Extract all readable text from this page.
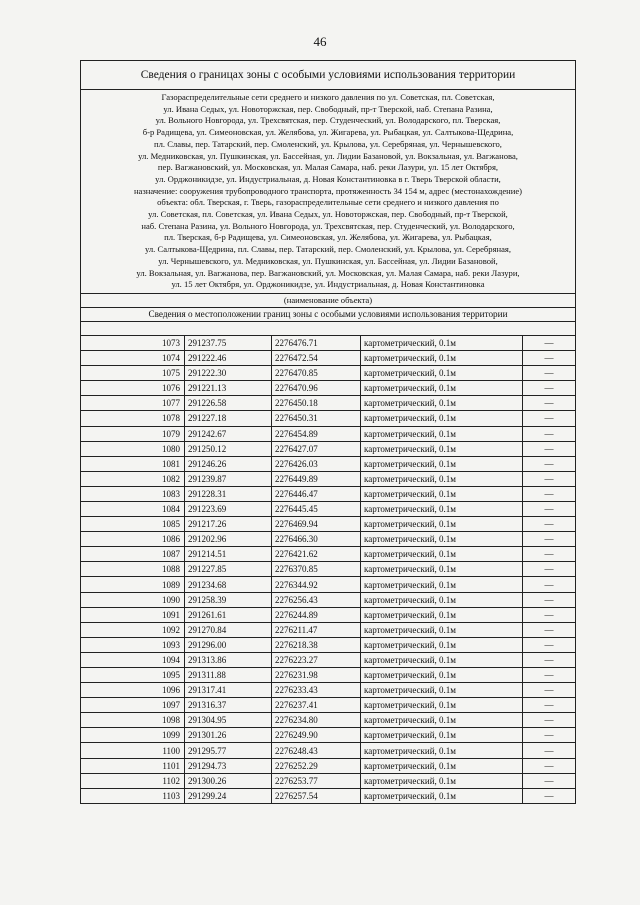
46
Сведения о границах зоны с особыми условиями использования территории
Газораспределительные сети среднего и низкого давления по ул. Советская, пл. Советская,
ул. Ивана Седых, ул. Новоторжская, пер. Свободный, пр-т Тверской, наб. Степана Разина,
ул. Вольного Новгорода, ул. Трехсвятская, пер. Студенческий, ул. Володарского, пл. Тверская,
б-р Радищева, ул. Симеоновская, ул. Желябова, ул. Жигарева, ул. Рыбацкая, ул. Салтыкова-Щедрина,
пл. Славы, пер. Татарский, пер. Смоленский, ул. Крылова, ул. Серебряная, ул. Чернышевского,
ул. Медниковская, ул. Пушкинская, ул. Бассейная, ул. Лидии Базановой, ул. Вокзальная, ул. Вагжанова,
пер. Вагжановский, ул. Московская, ул. Малая Самара, наб. реки Лазури, ул. 15 лет Октября,
ул. Орджоникидзе, ул. Индустриальная, д. Новая Константиновка в г. Тверь Тверской области,
назначение: сооружения трубопроводного транспорта, протяженность 34 154 м, адрес (местонахождение)
объекта: обл. Тверская, г. Тверь, газораспределительные сети среднего и низкого давления по
ул. Советская, пл. Советская, ул. Ивана Седых, ул. Новоторжская, пер. Свободный, пр-т Тверской,
наб. Степана Разина, ул. Вольного Новгорода, ул. Трехсвятская, пер. Студенческий, ул. Володарского,
пл. Тверская, б-р Радищева, ул. Симеоновская, ул. Желябова, ул. Жигарева, ул. Рыбацкая,
ул. Салтыкова-Щедрина, пл. Славы, пер. Татарский, пер. Смоленский, ул. Крылова, ул. Серебряная,
ул. Чернышевского, ул. Медниковская, ул. Пушкинская, ул. Бассейная, ул. Лидии Базановой,
ул. Вокзальная, ул. Вагжанова, пер. Вагжановский, ул. Московская, ул. Малая Самара, наб. реки Лазури,
ул. 15 лет Октября, ул. Орджоникидзе, ул. Индустриальная, д. Новая Константиновка
(наименование объекта)
Сведения о местоположении границ зоны с особыми условиями использования территории
1073	291237.75	2276476.71	картометрический, 0.1м	—
1074	291222.46	2276472.54	картометрический, 0.1м	—
1075	291222.30	2276470.85	картометрический, 0.1м	—
1076	291221.13	2276470.96	картометрический, 0.1м	—
1077	291226.58	2276450.18	картометрический, 0.1м	—
1078	291227.18	2276450.31	картометрический, 0.1м	—
1079	291242.67	2276454.89	картометрический, 0.1м	—
1080	291250.12	2276427.07	картометрический, 0.1м	—
1081	291246.26	2276426.03	картометрический, 0.1м	—
1082	291239.87	2276449.89	картометрический, 0.1м	—
1083	291228.31	2276446.47	картометрический, 0.1м	—
1084	291223.69	2276445.45	картометрический, 0.1м	—
1085	291217.26	2276469.94	картометрический, 0.1м	—
1086	291202.96	2276466.30	картометрический, 0.1м	—
1087	291214.51	2276421.62	картометрический, 0.1м	—
1088	291227.85	2276370.85	картометрический, 0.1м	—
1089	291234.68	2276344.92	картометрический, 0.1м	—
1090	291258.39	2276256.43	картометрический, 0.1м	—
1091	291261.61	2276244.89	картометрический, 0.1м	—
1092	291270.84	2276211.47	картометрический, 0.1м	—
1093	291296.00	2276218.38	картометрический, 0.1м	—
1094	291313.86	2276223.27	картометрический, 0.1м	—
1095	291311.88	2276231.98	картометрический, 0.1м	—
1096	291317.41	2276233.43	картометрический, 0.1м	—
1097	291316.37	2276237.41	картометрический, 0.1м	—
1098	291304.95	2276234.80	картометрический, 0.1м	—
1099	291301.26	2276249.90	картометрический, 0.1м	—
1100	291295.77	2276248.43	картометрический, 0.1м	—
1101	291294.73	2276252.29	картометрический, 0.1м	—
1102	291300.26	2276253.77	картометрический, 0.1м	—
1103	291299.24	2276257.54	картометрический, 0.1м	—
